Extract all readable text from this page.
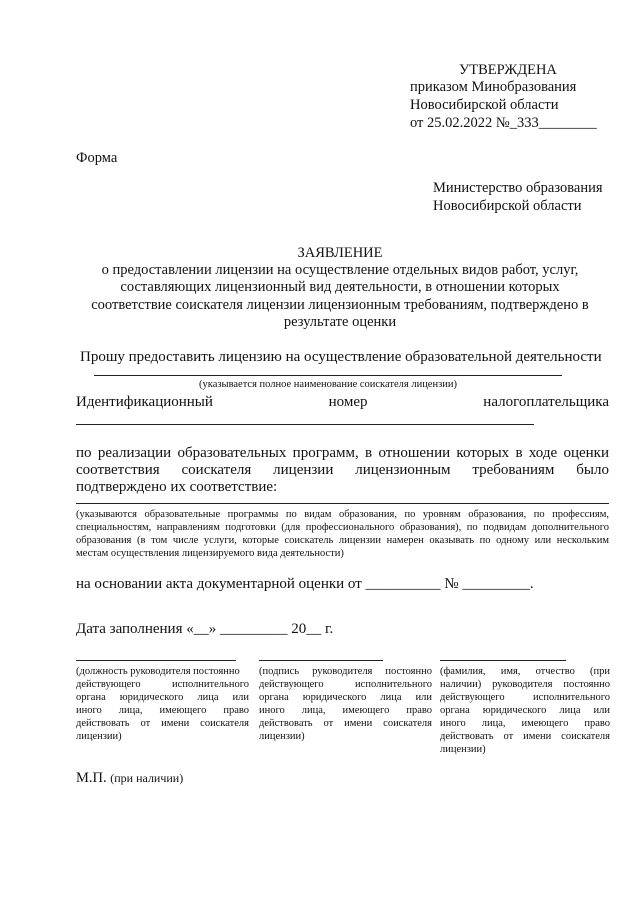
УТВЕРЖДЕНА
приказом Минобразования
Новосибирской области
от 25.02.2022 №_333________
Форма
Министерство образования
Новосибирской области
ЗАЯВЛЕНИЕ
о предоставлении лицензии на осуществление отдельных видов работ, услуг,
составляющих лицензионный вид деятельности, в отношении которых
соответствие соискателя лицензии лицензионным требованиям, подтверждено в
результате оценки
Прошу предоставить лицензию на осуществление образовательной деятельности
(указывается полное наименование соискателя лицензии)
Идентификационный	номер	налогоплательщика
по реализации образовательных программ, в отношении которых в ходе оценки
соответствия соискателя лицензии лицензионным требованиям было
подтверждено их соответствие:
(указываются образовательные программы по видам образования, по уровням образования, по профессиям,
специальностям, направлениям подготовки (для профессионального образования), по подвидам дополнительного
образования (в том числе услуги, которые соискатель лицензии намерен оказывать по одному или нескольким
местам осуществления лицензируемого вида деятельности)
на основании акта документарной оценки от __________ № _________.
Дата заполнения «__» _________ 20__ г.
(должность руководителя постоянно
действующего исполнительного
органа юридического лица или
иного лица, имеющего право
действовать от имени соискателя
лицензии)
(подпись руководителя постоянно
действующего исполнительного
органа юридического лица или
иного лица, имеющего право
действовать от имени соискателя
лицензии)
(фамилия, имя, отчество (при
наличии) руководителя постоянно
действующего исполнительного
органа юридического лица или
иного лица, имеющего право
действовать от имени соискателя
лицензии)
М.П. (при наличии)
